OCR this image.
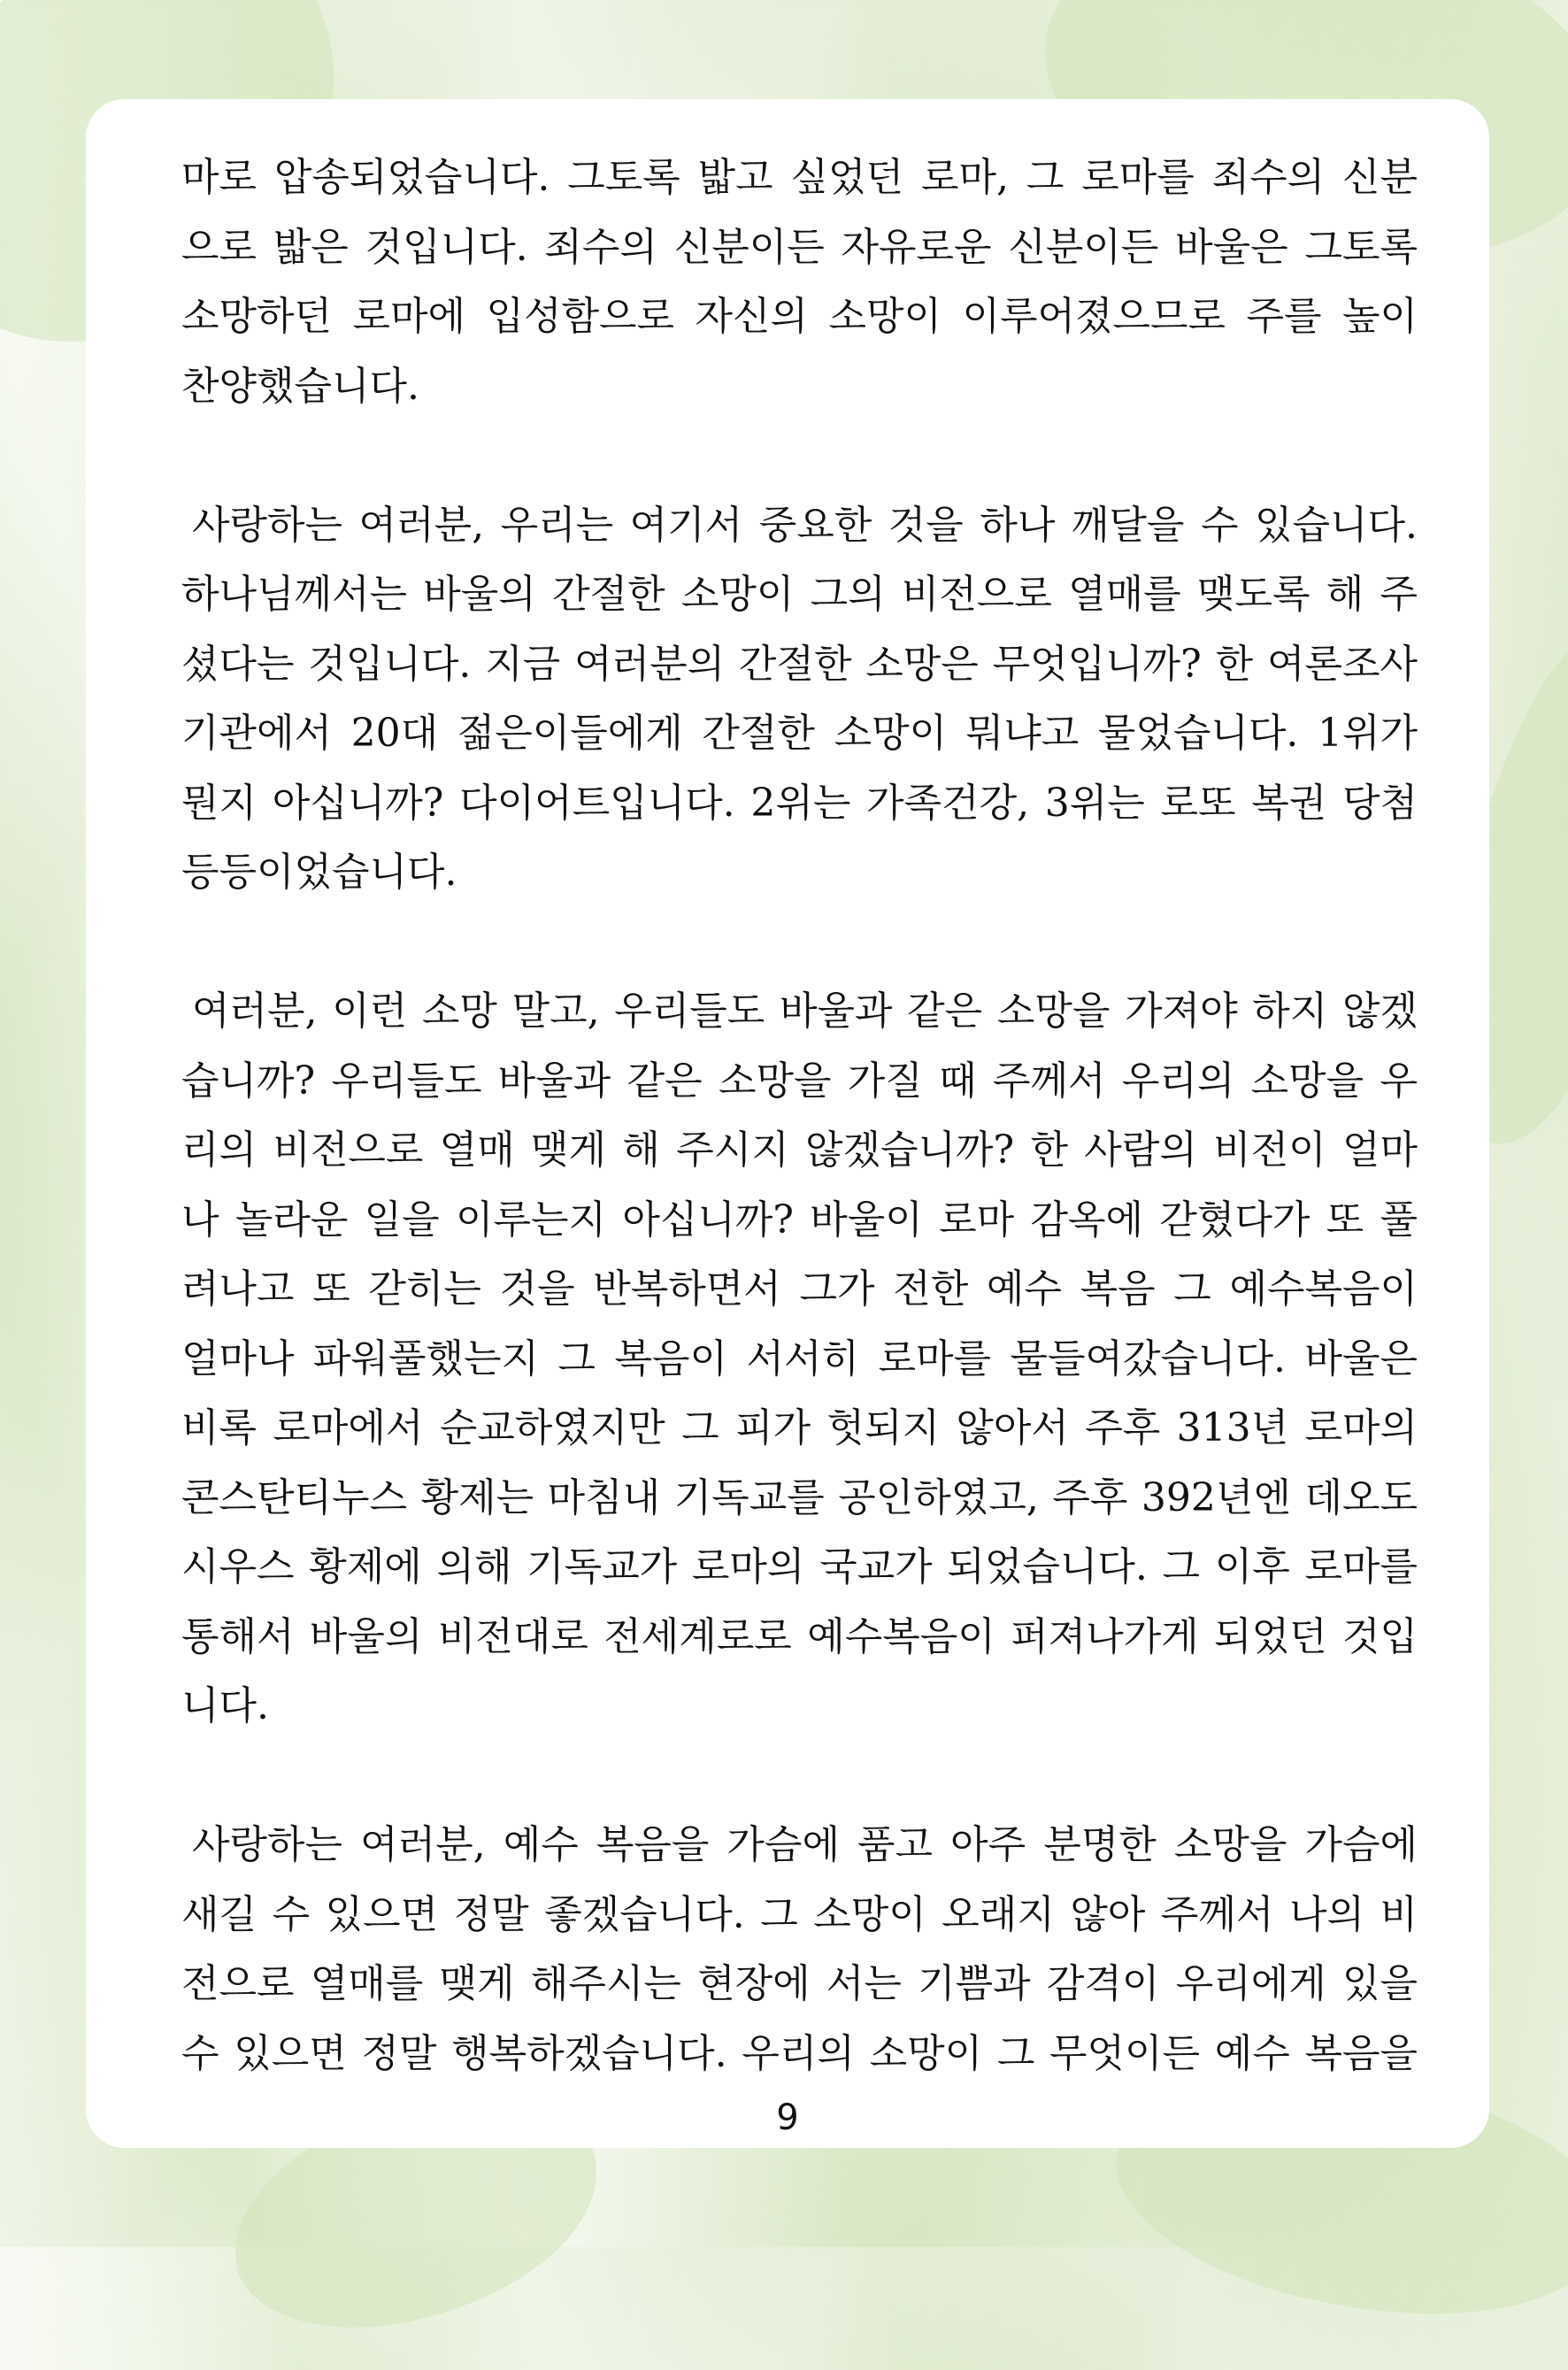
마로 압송되었습니다. 그토록 밟고 싶었던 로마, 그 로마를 죄수의 신분
으로 밟은 것입니다. 죄수의 신분이든 자유로운 신분이든 바울은 그토록
소망하던 로마에 입성함으로 자신의 소망이 이루어졌으므로 주를 높이
찬양했습니다.
사랑하는 여러분, 우리는 여기서 중요한 것을 하나 깨달을 수 있습니다.
하나님께서는 바울의 간절한 소망이 그의 비전으로 열매를 맺도록 해 주
셨다는 것입니다. 지금 여러분의 간절한 소망은 무엇입니까? 한 여론조사
기관에서 20대 젊은이들에게 간절한 소망이 뭐냐고 물었습니다. 1위가
뭔지 아십니까? 다이어트입니다. 2위는 가족건강, 3위는 로또 복권 당첨
등등이었습니다.
여러분, 이런 소망 말고, 우리들도 바울과 같은 소망을 가져야 하지 않겠
습니까? 우리들도 바울과 같은 소망을 가질 때 주께서 우리의 소망을 우
리의 비전으로 열매 맺게 해 주시지 않겠습니까? 한 사람의 비전이 얼마
나 놀라운 일을 이루는지 아십니까? 바울이 로마 감옥에 갇혔다가 또 풀
려나고 또 갇히는 것을 반복하면서 그가 전한 예수 복음 그 예수복음이
얼마나 파워풀했는지 그 복음이 서서히 로마를 물들여갔습니다. 바울은
비록 로마에서 순교하였지만 그 피가 헛되지 않아서 주후 313년 로마의
콘스탄티누스 황제는 마침내 기독교를 공인하였고, 주후 392년엔 데오도
시우스 황제에 의해 기독교가 로마의 국교가 되었습니다. 그 이후 로마를
통해서 바울의 비전대로 전세계로로 예수복음이 퍼져나가게 되었던 것입
니다.
사랑하는 여러분, 예수 복음을 가슴에 품고 아주 분명한 소망을 가슴에
새길 수 있으면 정말 좋겠습니다. 그 소망이 오래지 않아 주께서 나의 비
전으로 열매를 맺게 해주시는 현장에 서는 기쁨과 감격이 우리에게 있을
수 있으면 정말 행복하겠습니다. 우리의 소망이 그 무엇이든 예수 복음을
9
